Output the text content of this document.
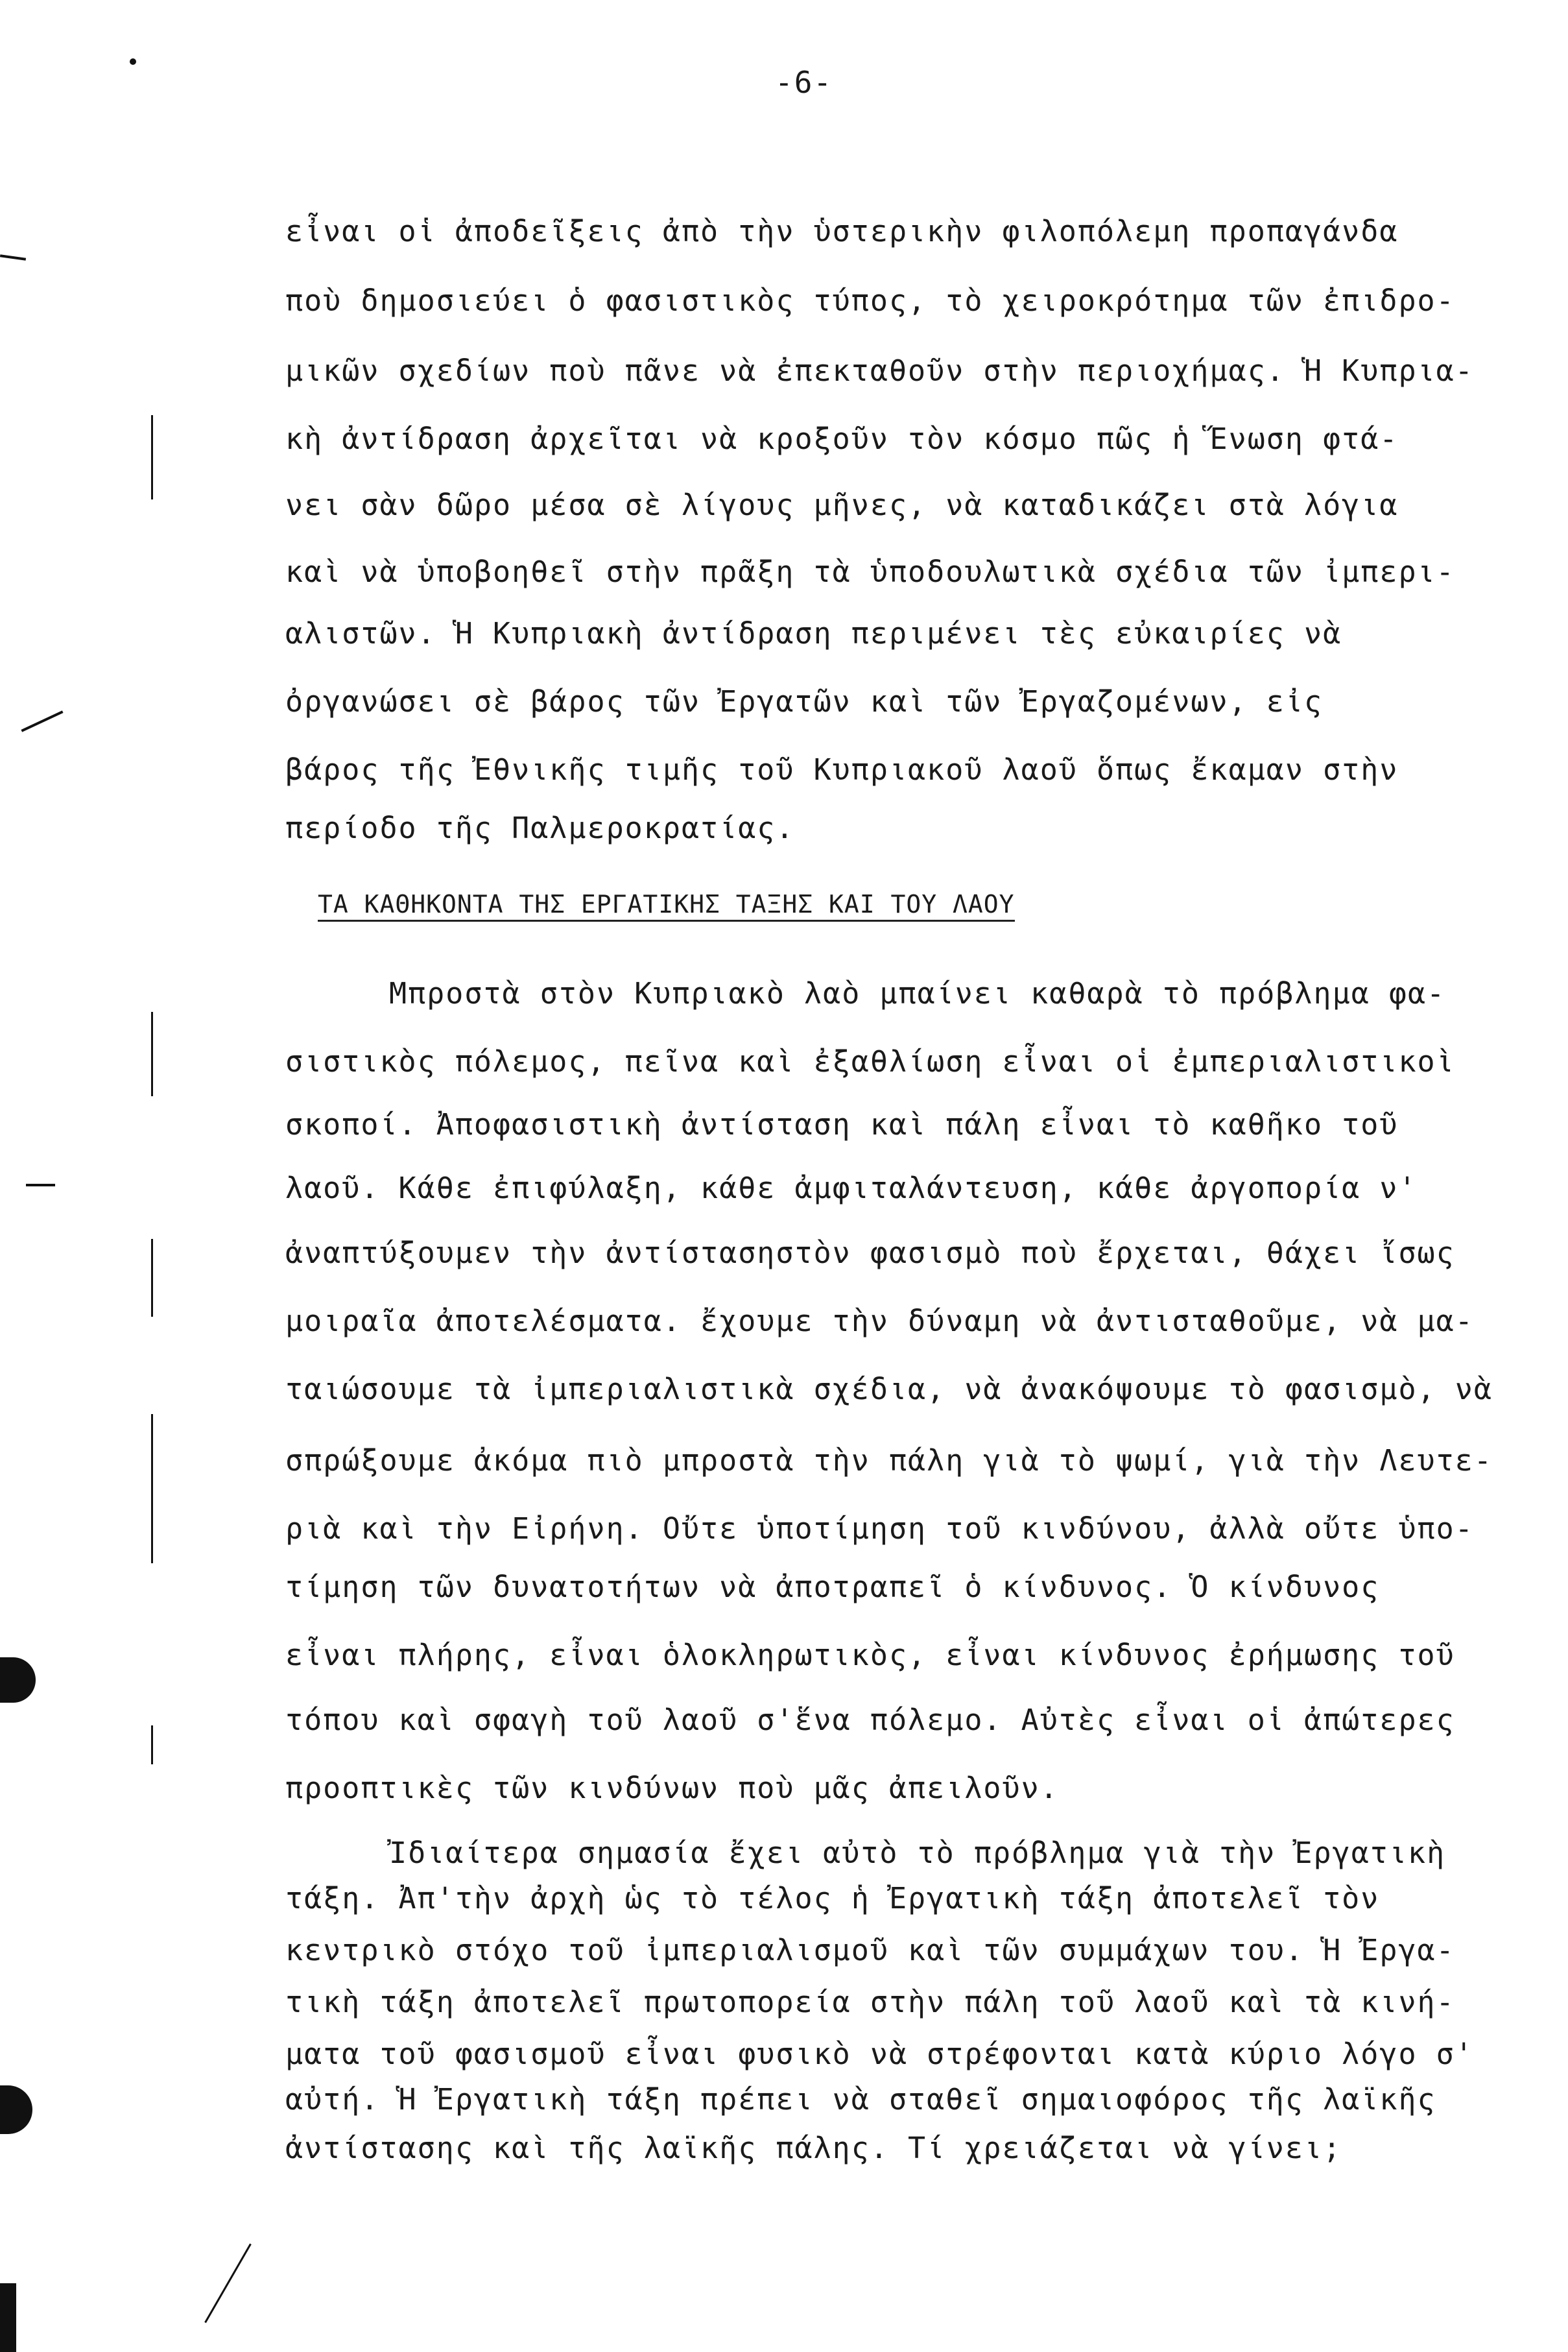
-6-
εἶναι οἱ ἀποδεῖξεις ἀπὸ τὴν ὑστερικὴν φιλοπόλεμη προπαγάνδα
ποὺ δημοσιεύει ὁ φασιστικὸς τύπος, τὸ χειροκρότημα τῶν ἐπιδρο-
μικῶν σχεδίων ποὺ πᾶνε νὰ ἐπεκταθοῦν στὴν περιοχήμας. Ἡ Κυπρια-
κὴ ἀντίδραση ἀρχεῖται νὰ κροξοῦν τὸν κόσμο πῶς ἡ Ἕνωση φτά-
νει σὰν δῶρο μέσα σὲ λίγους μῆνες, νὰ καταδικάζει στὰ λόγια
καὶ νὰ ὑποβοηθεῖ στὴν πρᾶξη τὰ ὑποδουλωτικὰ σχέδια τῶν ἰμπερι-
αλιστῶν. Ἡ Κυπριακὴ ἀντίδραση περιμένει τὲς εὐκαιρίες νὰ
ὀργανώσει σὲ βάρος τῶν Ἐργατῶν καὶ τῶν Ἐργαζομένων, εἰς
βάρος τῆς Ἐθνικῆς τιμῆς τοῦ Κυπριακοῦ λαοῦ ὅπως ἔκαμαν στὴν
περίοδο τῆς Παλμεροκρατίας.
ΤΑ ΚΑΘΗΚΟΝΤΑ ΤΗΣ ΕΡΓΑΤΙΚΗΣ ΤΑΞΗΣ ΚΑΙ ΤΟΥ ΛΑΟΥ
Μπροστὰ στὸν Κυπριακὸ λαὸ μπαίνει καθαρὰ τὸ πρόβλημα φα-
σιστικὸς πόλεμος, πεῖνα καὶ ἐξαθλίωση εἶναι οἱ ἐμπεριαλιστικοὶ
σκοποί. Ἀποφασιστικὴ ἀντίσταση καὶ πάλη εἶναι τὸ καθῆκο τοῦ
λαοῦ. Κάθε ἐπιφύλαξη, κάθε ἀμφιταλάντευση, κάθε ἀργοπορία ν'
ἀναπτύξουμεν τὴν ἀντίστασηστὸν φασισμὸ ποὺ ἔρχεται, θάχει ἴσως
μοιραῖα ἀποτελέσματα. ἔχουμε τὴν δύναμη νὰ ἀντισταθοῦμε, νὰ μα-
ταιώσουμε τὰ ἰμπεριαλιστικὰ σχέδια, νὰ ἀνακόψουμε τὸ φασισμὸ, νὰ
σπρώξουμε ἀκόμα πιὸ μπροστὰ τὴν πάλη γιὰ τὸ ψωμί, γιὰ τὴν Λευτε-
ριὰ καὶ τὴν Εἰρήνη. Οὔτε ὑποτίμηση τοῦ κινδύνου, ἀλλὰ οὔτε ὑπο-
τίμηση τῶν δυνατοτήτων νὰ ἀποτραπεῖ ὁ κίνδυνος. Ὁ κίνδυνος
εἶναι πλήρης, εἶναι ὁλοκληρωτικὸς, εἶναι κίνδυνος ἐρήμωσης τοῦ
τόπου καὶ σφαγὴ τοῦ λαοῦ σ'ἕνα πόλεμο. Αὐτὲς εἶναι οἱ ἀπώτερες
προοπτικὲς τῶν κινδύνων ποὺ μᾶς ἀπειλοῦν.
Ἰδιαίτερα σημασία ἔχει αὐτὸ τὸ πρόβλημα γιὰ τὴν Ἐργατικὴ
τάξη. Ἀπ'τὴν ἀρχὴ ὡς τὸ τέλος ἡ Ἐργατικὴ τάξη ἀποτελεῖ τὸν
κεντρικὸ στόχο τοῦ ἰμπεριαλισμοῦ καὶ τῶν συμμάχων του. Ἡ Ἐργα-
τικὴ τάξη ἀποτελεῖ πρωτοπορεία στὴν πάλη τοῦ λαοῦ καὶ τὰ κινή-
ματα τοῦ φασισμοῦ εἶναι φυσικὸ νὰ στρέφονται κατὰ κύριο λόγο σ'
αὐτή. Ἡ Ἐργατικὴ τάξη πρέπει νὰ σταθεῖ σημαιοφόρος τῆς λαϊκῆς
ἀντίστασης καὶ τῆς λαϊκῆς πάλης. Τί χρειάζεται νὰ γίνει;
